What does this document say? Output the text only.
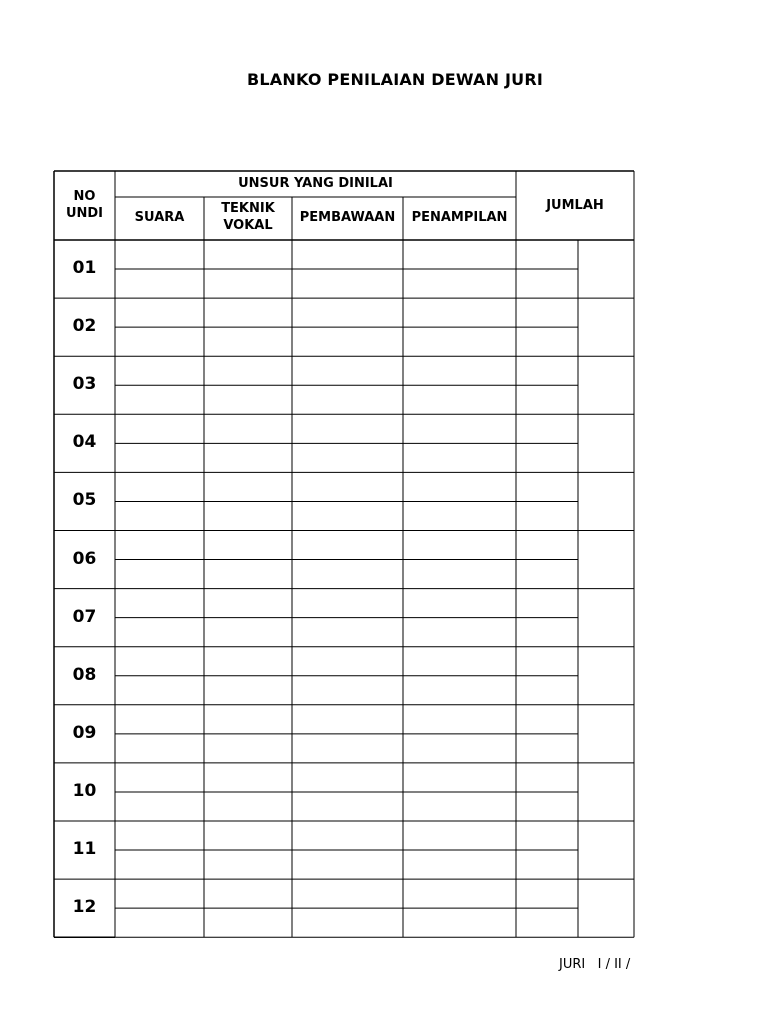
BLANKO PENILAIAN DEWAN JURI
NO UNDI
UNSUR YANG DINILAI
SUARA
TEKNIK VOKAL
PEMBAWAAN	PENAMPILAN
JUMLAH
01
02
03
04
05
06
07
08
09
10
11
12
JURI   I / II /
